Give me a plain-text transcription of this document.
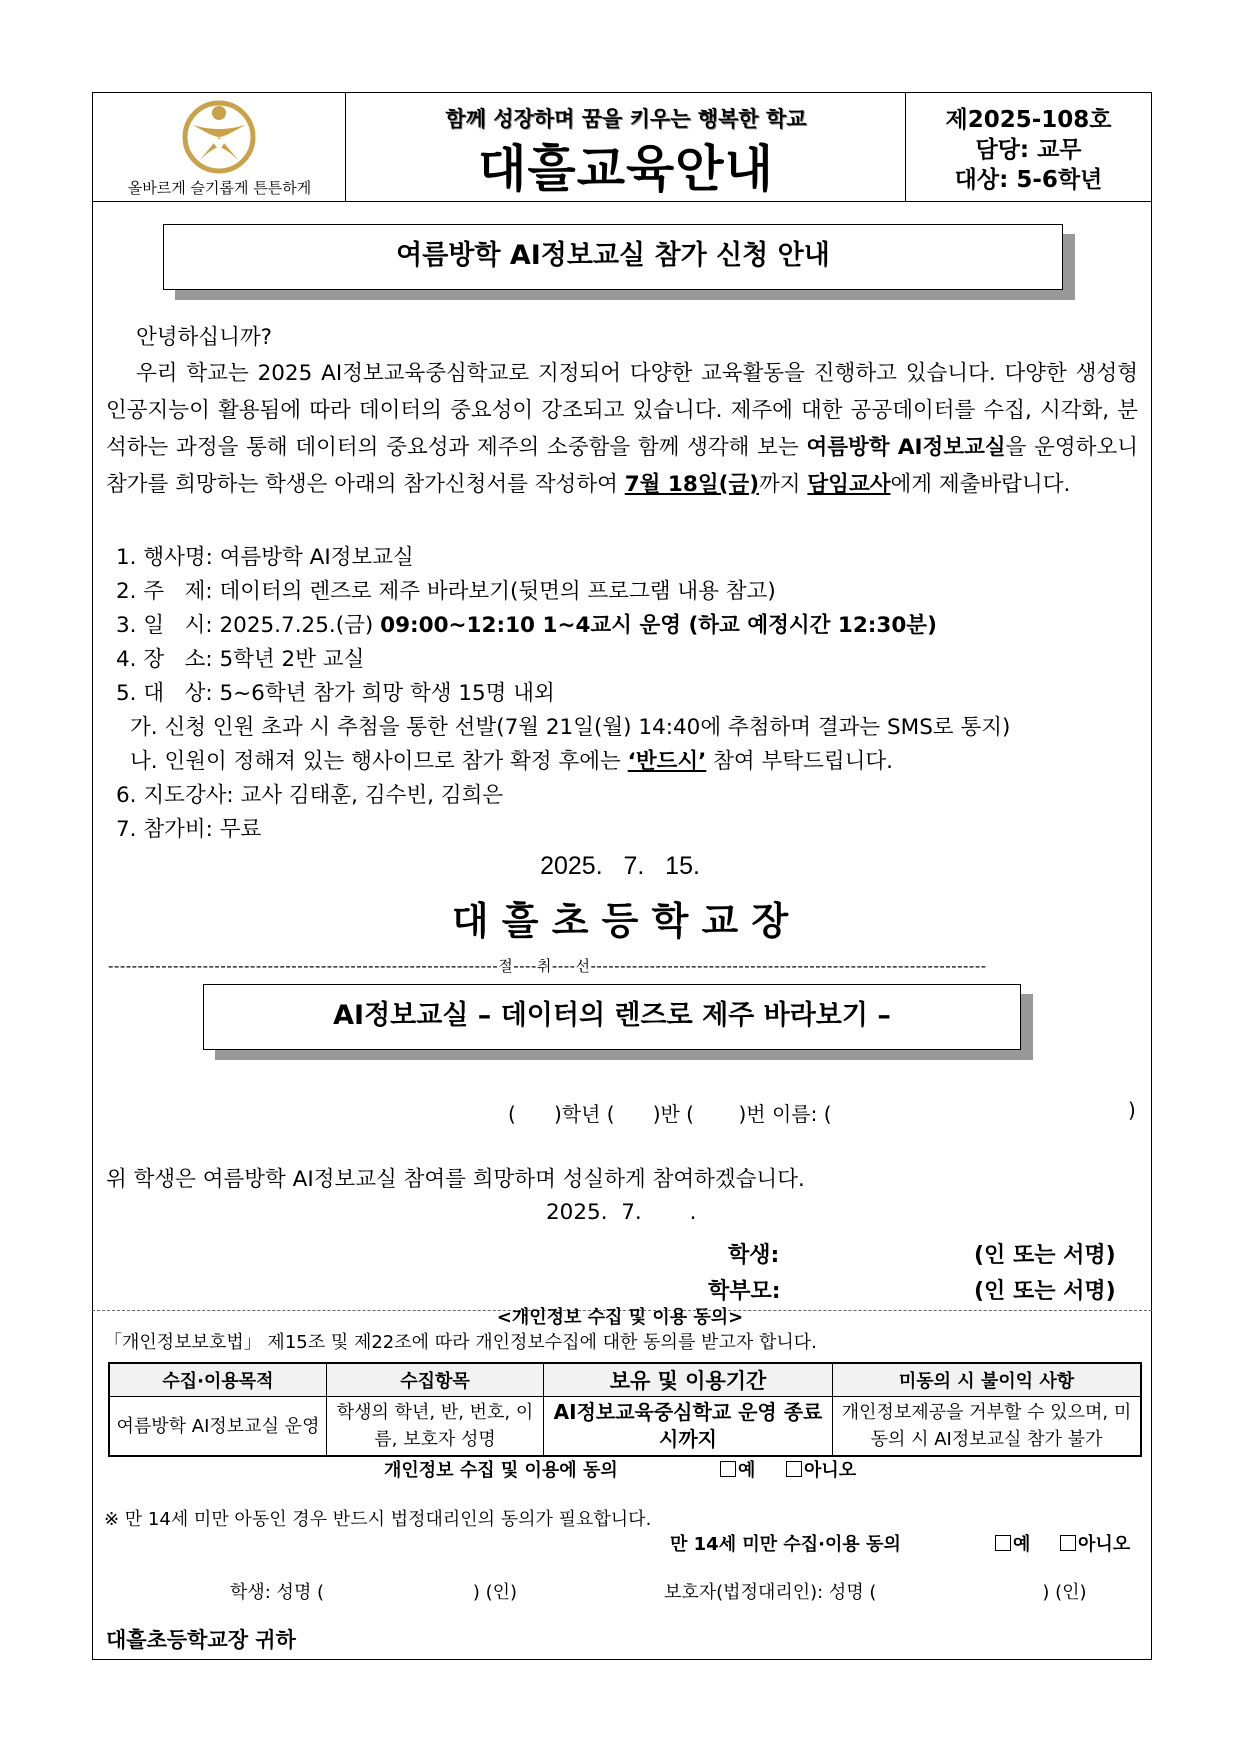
올바르게 슬기롭게 튼튼하게
함께 성장하며 꿈을 키우는 행복한 학교
대흘교육안내
제2025-108호
담당: 교무
대상: 5-6학년
여름방학 AI정보교실 참가 신청 안내
안녕하십니까?
우리 학교는 2025 AI정보교육중심학교로 지정되어 다양한 교육활동을 진행하고 있습니다. 다양한 생성형 인공지능이 활용됨에 따라 데이터의 중요성이 강조되고 있습니다. 제주에 대한 공공데이터를 수집, 시각화, 분석하는 과정을 통해 데이터의 중요성과 제주의 소중함을 함께 생각해 보는 여름방학 AI정보교실을 운영하오니 참가를 희망하는 학생은 아래의 참가신청서를 작성하여 7월 18일(금)까지 담임교사에게 제출바랍니다.
1. 행사명: 여름방학 AI정보교실
2. 주   제: 데이터의 렌즈로 제주 바라보기(뒷면의 프로그램 내용 참고)
3. 일   시: 2025.7.25.(금) 09:00~12:10 1~4교시 운영 (하교 예정시간 12:30분)
4. 장   소: 5학년 2반 교실
5. 대   상: 5~6학년 참가 희망 학생 15명 내외
가. 신청 인원 초과 시 추첨을 통한 선발(7월 21일(월) 14:40에 추첨하며 결과는 SMS로 통지)
나. 인원이 정해져 있는 행사이므로 참가 확정 후에는 ‘반드시’ 참여 부탁드립니다.
6. 지도강사: 교사 김태훈, 김수빈, 김희은
7. 참가비: 무료
2025.   7.   15.
대 흘 초 등 학 교 장
------------------------------------------------------------------절----취----선-------------------------------------------------------------------
AI정보교실 – 데이터의 렌즈로 제주 바라보기 –
(      )학년 (      )반 (       )번 이름: (	)
위 학생은 여름방학 AI정보교실 참여를 희망하며 성실하게 참여하겠습니다.
2025.  7.       .
학생:	(인 또는 서명)
학부모:	(인 또는 서명)
<개인정보 수집 및 이용 동의>
「개인정보보호법」 제15조 및 제22조에 따라 개인정보수집에 대한 동의를 받고자 합니다.
수집·이용목적	수집항목	보유 및 이용기간	미동의 시 불이익 사항
여름방학 AI정보교실 운영	학생의 학년, 반, 번호, 이름, 보호자 성명	AI정보교육중심학교 운영 종료시까지	개인정보제공을 거부할 수 있으며, 미동의 시 AI정보교실 참가 불가
개인정보 수집 및 이용에 동의	예	아니오
※ 만 14세 미만 아동인 경우 반드시 법정대리인의 동의가 필요합니다.
만 14세 미만 수집·이용 동의	예	아니오
학생: 성명 (                          ) (인)	보호자(법정대리인): 성명 (                             ) (인)
대흘초등학교장 귀하
